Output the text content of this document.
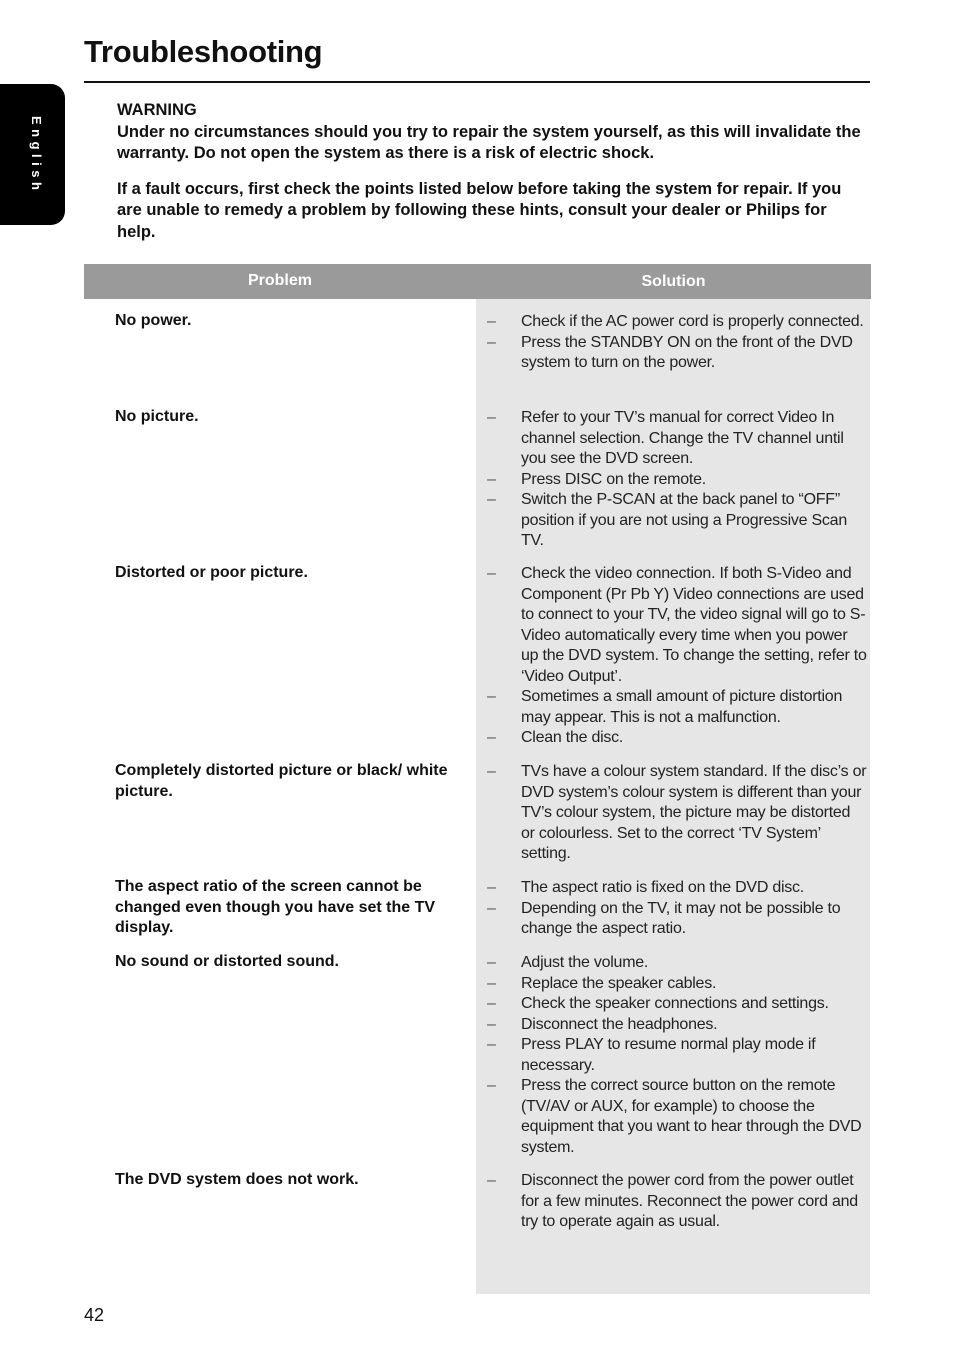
Troubleshooting
English

WARNING

Under no circumstances should you try to repair the system yourself, as this will invalidate the warranty. Do not open the system as there is a risk of electric shock.

If a fault occurs, first check the points listed below before taking the system for repair. If you are unable to remedy a problem by following these hints, consult your dealer or Philips for help.

Problem	Solution
No power.	– Check if the AC power cord is properly connected.
– Press the STANDBY ON on the front of the DVD system to turn on the power.
No picture.	– Refer to your TV’s manual for correct Video In channel selection. Change the TV channel until you see the DVD screen.
– Press DISC on the remote.
– Switch the P-SCAN at the back panel to “OFF” position if you are not using a Progressive Scan TV.
Distorted or poor picture.	– Check the video connection. If both S-Video and Component (Pr Pb Y) Video connections are used to connect to your TV, the video signal will go to S-Video automatically every time when you power up the DVD system. To change the setting, refer to ‘Video Output’.
– Sometimes a small amount of picture distortion may appear. This is not a malfunction.
– Clean the disc.
Completely distorted picture or black/ white picture.
– TVs have a colour system standard. If the disc’s or DVD system’s colour system is different than your TV’s colour system, the picture may be distorted or colourless. Set to the correct ‘TV System’ setting.
The aspect ratio of the screen cannot be changed even though you have set the TV display.
– The aspect ratio is fixed on the DVD disc.
– Depending on the TV, it may not be possible to change the aspect ratio.
No sound or distorted sound.	– Adjust the volume.
– Replace the speaker cables.
– Check the speaker connections and settings.
– Disconnect the headphones.
– Press PLAY to resume normal play mode if necessary.
– Press the correct source button on the remote (TV/AV or AUX, for example) to choose the equipment that you want to hear through the DVD system.
The DVD system does not work.	– Disconnect the power cord from the power outlet for a few minutes. Reconnect the power cord and try to operate again as usual.
42
